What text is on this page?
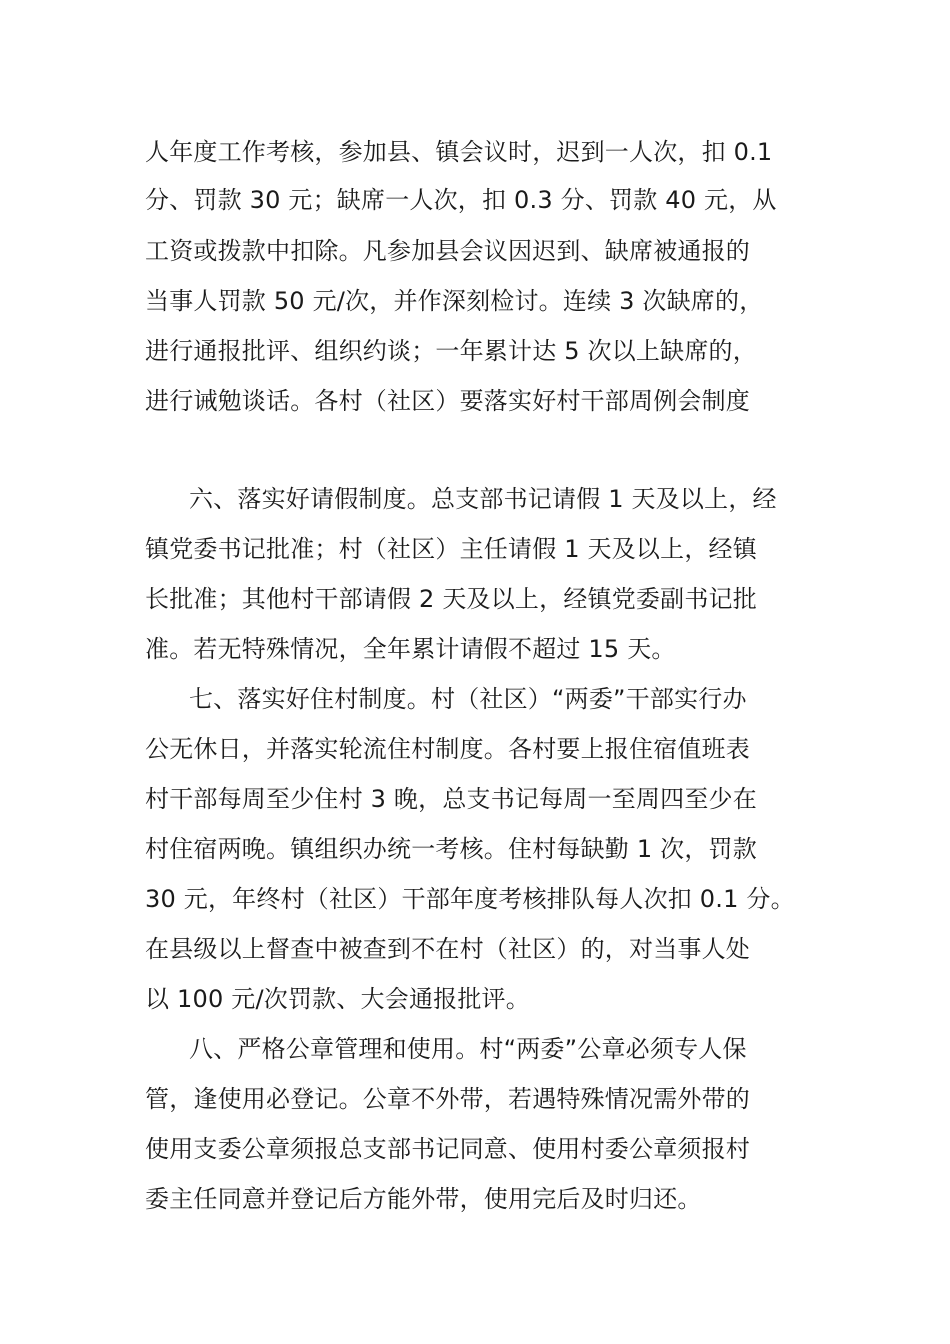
人年度工作考核，参加县、镇会议时，迟到一人次，扣 0.1
分、罚款 30 元；缺席一人次，扣 0.3 分、罚款 40 元，从
工资或拨款中扣除。凡参加县会议因迟到、缺席被通报的
当事人罚款 50 元/次，并作深刻检讨。连续 3 次缺席的，
进行通报批评、组织约谈；一年累计达 5 次以上缺席的，
进行诫勉谈话。各村（社区）要落实好村干部周例会制度
六、落实好请假制度。总支部书记请假 1 天及以上，经
镇党委书记批准；村（社区）主任请假 1 天及以上，经镇
长批准；其他村干部请假 2 天及以上，经镇党委副书记批
准。若无特殊情况，全年累计请假不超过 15 天。
七、落实好住村制度。村（社区）“两委”干部实行办
公无休日，并落实轮流住村制度。各村要上报住宿值班表
村干部每周至少住村 3 晚，总支书记每周一至周四至少在
村住宿两晚。镇组织办统一考核。住村每缺勤 1 次，罚款
30 元，年终村（社区）干部年度考核排队每人次扣 0.1 分。
在县级以上督查中被查到不在村（社区）的，对当事人处
以 100 元/次罚款、大会通报批评。
八、严格公章管理和使用。村“两委”公章必须专人保
管，逢使用必登记。公章不外带，若遇特殊情况需外带的
使用支委公章须报总支部书记同意、使用村委公章须报村
委主任同意并登记后方能外带，使用完后及时归还。
